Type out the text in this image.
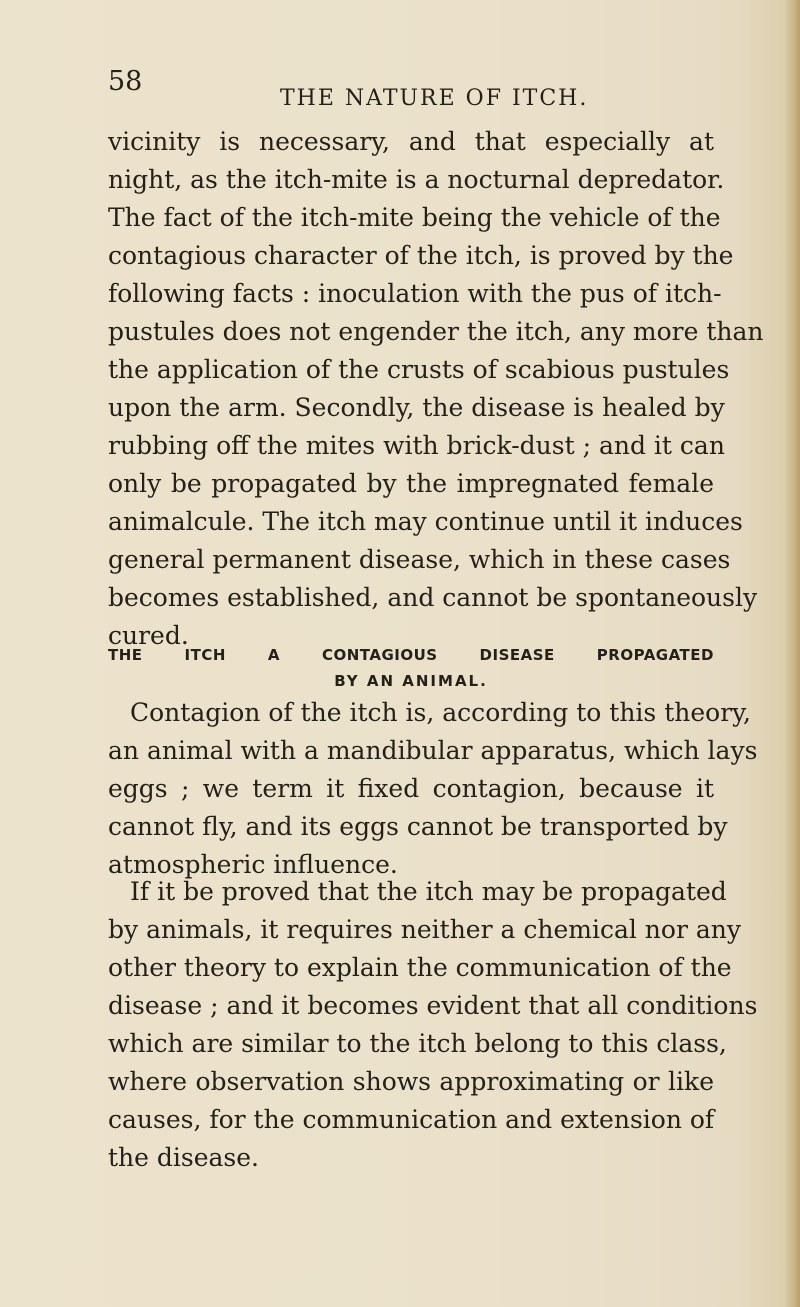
58

THE NATURE OF ITCH.

vicinity is necessary, and that especially at
night, as the itch-mite is a nocturnal depredator.
The fact of the itch-mite being the vehicle of the
contagious character of the itch, is proved by the
following facts : inoculation with the pus of itch-
pustules does not engender the itch, any more than
the application of the crusts of scabious pustules
upon the arm. Secondly, the disease is healed by
rubbing off the mites with brick-dust ; and it can
only be propagated by the impregnated female
animalcule. The itch may continue until it induces
general permanent disease, which in these cases
becomes established, and cannot be spontaneously
cured.
THE ITCH A CONTAGIOUS DISEASE PROPAGATED
BY AN ANIMAL.
Contagion of the itch is, according to this theory,
an animal with a mandibular apparatus, which lays
eggs ; we term it fixed contagion, because it
cannot fly, and its eggs cannot be transported by
atmospheric influence.
If it be proved that the itch may be propagated
by animals, it requires neither a chemical nor any
other theory to explain the communication of the
disease ; and it becomes evident that all conditions
which are similar to the itch belong to this class,
where observation shows approximating or like
causes, for the communication and extension of
the disease.
